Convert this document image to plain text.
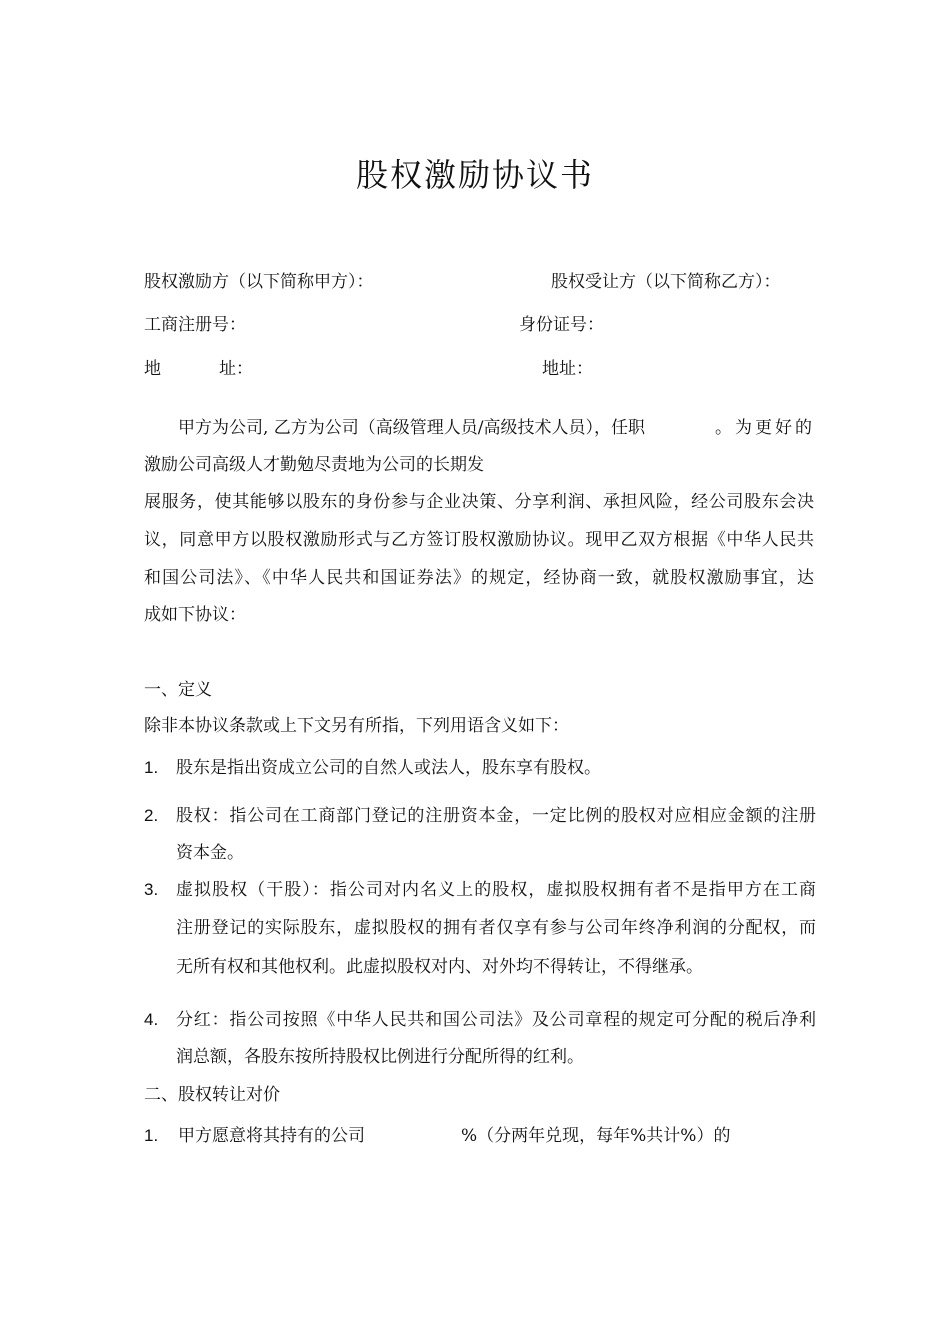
股权激励协议书
股权激励方（以下简称甲方）：	股权受让方（以下简称乙方）：
工商注册号：	身份证号：
地	址：	地址：
甲方为公司, 乙方为公司（高级管理人员/高级技术人员），任职	。为更好的
激励公司高级人才勤勉尽责地为公司的长期发
展服务，使其能够以股东的身份参与企业决策、分享利润、承担风险，经公司股东会决
议，同意甲方以股权激励形式与乙方签订股权激励协议。现甲乙双方根据《中华人民共
和国公司法》、《中华人民共和国证券法》的规定，经协商一致，就股权激励事宜，达
成如下协议：
一、定义
除非本协议条款或上下文另有所指，下列用语含义如下：
1. 股东是指出资成立公司的自然人或法人，股东享有股权。
2. 股权：指公司在工商部门登记的注册资本金，一定比例的股权对应相应金额的注册
资本金。
3. 虚拟股权（干股）：指公司对内名义上的股权，虚拟股权拥有者不是指甲方在工商
注册登记的实际股东，虚拟股权的拥有者仅享有参与公司年终净利润的分配权，而
无所有权和其他权利。此虚拟股权对内、对外均不得转让，不得继承。
4. 分红：指公司按照《中华人民共和国公司法》及公司章程的规定可分配的税后净利
润总额，各股东按所持股权比例进行分配所得的红利。
二、股权转让对价
1. 甲方愿意将其持有的公司	%（分两年兑现，每年%共计%）的
